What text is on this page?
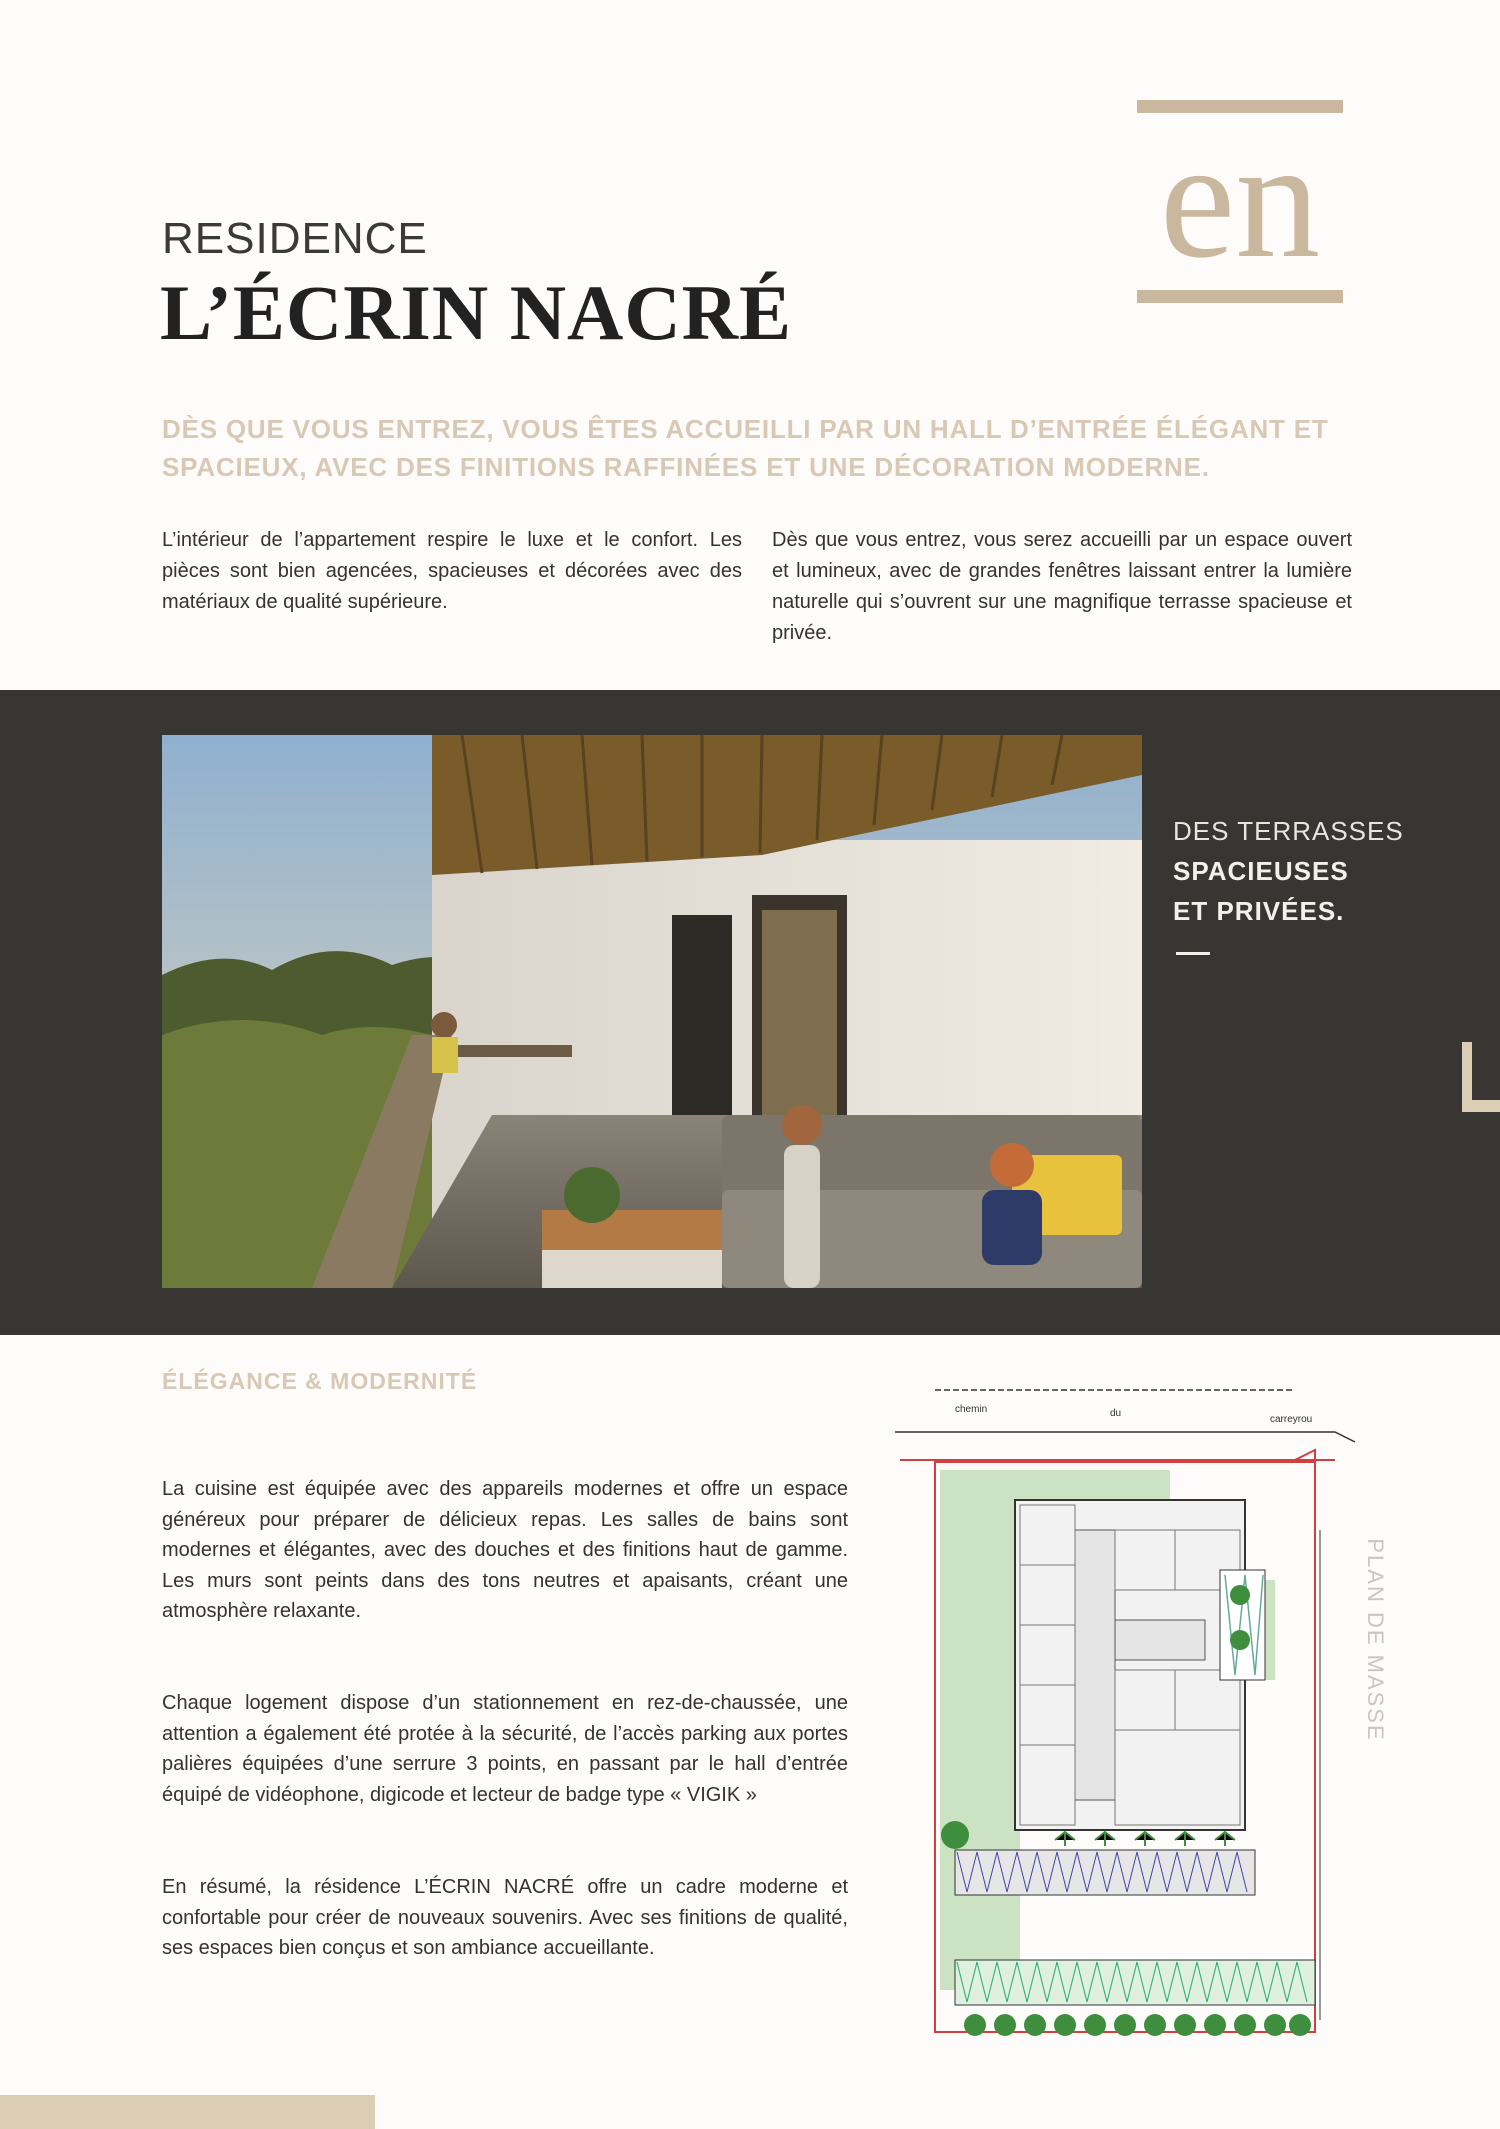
RESIDENCE
L’ÉCRIN NACRÉ
en
DÈS QUE VOUS ENTREZ, VOUS ÊTES ACCUEILLI PAR UN HALL D’ENTRÉE ÉLÉGANT ET SPACIEUX, AVEC DES FINITIONS RAFFINÉES ET UNE DÉCORATION MODERNE.
L’intérieur de l’appartement respire le luxe et le confort. Les pièces sont bien agencées, spacieuses et décorées avec des matériaux de qualité supérieure.
Dès que vous entrez, vous serez accueilli par un espace ouvert et lumineux, avec de grandes fenêtres laissant entrer la lumière naturelle qui s’ouvrent sur une magnifique terrasse spacieuse et privée.
DES TERRASSES
SPACIEUSES
ET PRIVÉES.
ÉLÉGANCE & MODERNITÉ
La cuisine est équipée avec des appareils modernes et offre un espace généreux pour préparer de délicieux repas. Les salles de bains sont modernes et élégantes, avec des douches et des finitions haut de gamme. Les murs sont peints dans des tons neutres et apaisants, créant une atmosphère relaxante.
Chaque logement dispose d’un stationnement en rez-de-chaussée, une attention a également été protée à la sécurité, de l’accès parking aux portes palières équipées d’une serrure 3 points, en passant par le hall d’entrée équipé de vidéophone, digicode et lecteur de badge type « VIGIK »
En résumé, la résidence L’ÉCRIN NACRÉ offre un cadre moderne et confortable pour créer de nouveaux souvenirs. Avec ses finitions de qualité, ses espaces bien conçus et son ambiance accueillante.
chemin	du
carreyrou
PLAN DE MASSE
